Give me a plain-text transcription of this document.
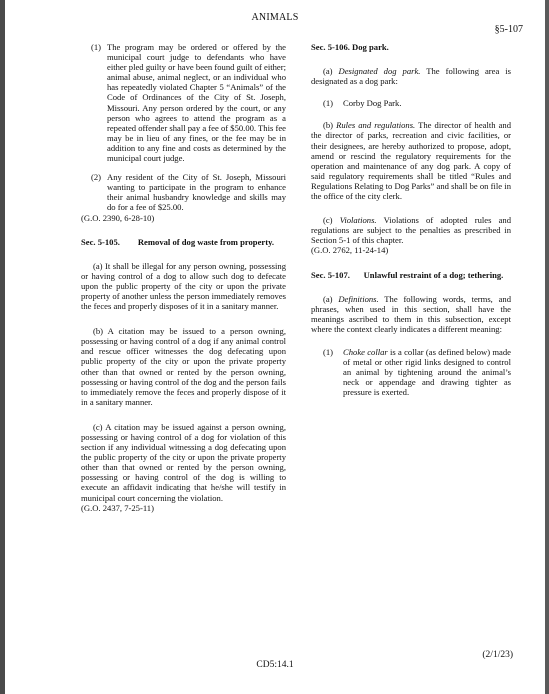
ANIMALS
§5-107
(1) The program may be ordered or offered by the municipal court judge to defendants who have either pled guilty or have been found guilt of either; animal abuse, animal neglect, or an individual who has repeatedly violated Chapter 5 “Animals” of the Code of Ordinances of the City of St. Joseph, Missouri. Any person ordered by the court, or any person who agrees to attend the program as a repeated offender shall pay a fee of $50.00. This fee may be in lieu of any fines, or the fee may be in addition to any fine and costs as determined by the municipal court judge.

(2) Any resident of the City of St. Joseph, Missouri wanting to participate in the program to enhance their animal husbandry knowledge and skills may do for a fee of $25.00.

(G.O. 2390, 6-28-10)

Sec. 5-105.	Removal of dog waste from property.

(a) It shall be illegal for any person owning, possessing or having control of a dog to allow such dog to defecate upon the public property of the city or upon the private property of another unless the person immediately removes the feces and properly disposes of it in a sanitary manner.

(b) A citation may be issued to a person owning, possessing or having control of a dog if any animal control and rescue officer witnesses the dog defecating upon public property of the city or upon the private property other than that owned or rented by the person owning, possessing or having control of the dog and the person fails to immediately remove the feces and properly dispose of it in a sanitary manner.

(c) A citation may be issued against a person owning, possessing or having control of a dog for violation of this section if any individual witnessing a dog defecating upon the public property of the city or upon the private property other than that owned or rented by the person owning, possessing or having control of the dog is willing to execute an affidavit indicating that he/she will testify in municipal court concerning the violation.

(G.O. 2437, 7-25-11)

Sec. 5-106. Dog park.

(a) Designated dog park. The following area is designated as a dog park:

(1) Corby Dog Park.

(b) Rules and regulations. The director of health and the director of parks, recreation and civic facilities, or their designees, are hereby authorized to propose, adopt, amend or rescind the regulatory requirements for the operation and maintenance of any dog park. A copy of said regulatory requirements shall be titled “Rules and Regulations Relating to Dog Parks” and shall be on file in the office of the city clerk.

(c) Violations. Violations of adopted rules and regulations are subject to the penalties as prescribed in Section 5-1 of this chapter.

(G.O. 2762, 11-24-14)

Sec. 5-107.	Unlawful restraint of a dog; tethering.

(a) Definitions. The following words, terms, and phrases, when used in this section, shall have the meanings ascribed to them in this subsection, except where the context clearly indicates a different meaning:

(1) Choke collar is a collar (as defined below) made of metal or other rigid links designed to control an animal by tightening around the animal’s neck or appendage and drawing tighter as pressure is exerted.

(2/1/23)
CD5:14.1
